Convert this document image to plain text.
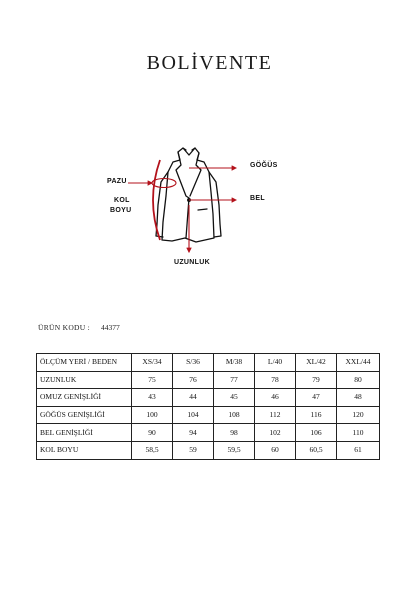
BOLİVENTE
GÖĞÜS
PAZU
BEL
KOL
BOYU
UZUNLUK
ÜRÜN KODU : 44377
ÖLÇÜM YERİ / BEDEN	XS/34	S/36	M/38	L/40	XL/42	XXL/44
UZUNLUK	75	76	77	78	79	80
OMUZ GENİŞLİĞİ	43	44	45	46	47	48
GÖĞÜS GENİŞLİĞİ	100	104	108	112	116	120
BEL GENİŞLİĞİ	90	94	98	102	106	110
KOL BOYU	58,5	59	59,5	60	60,5	61
